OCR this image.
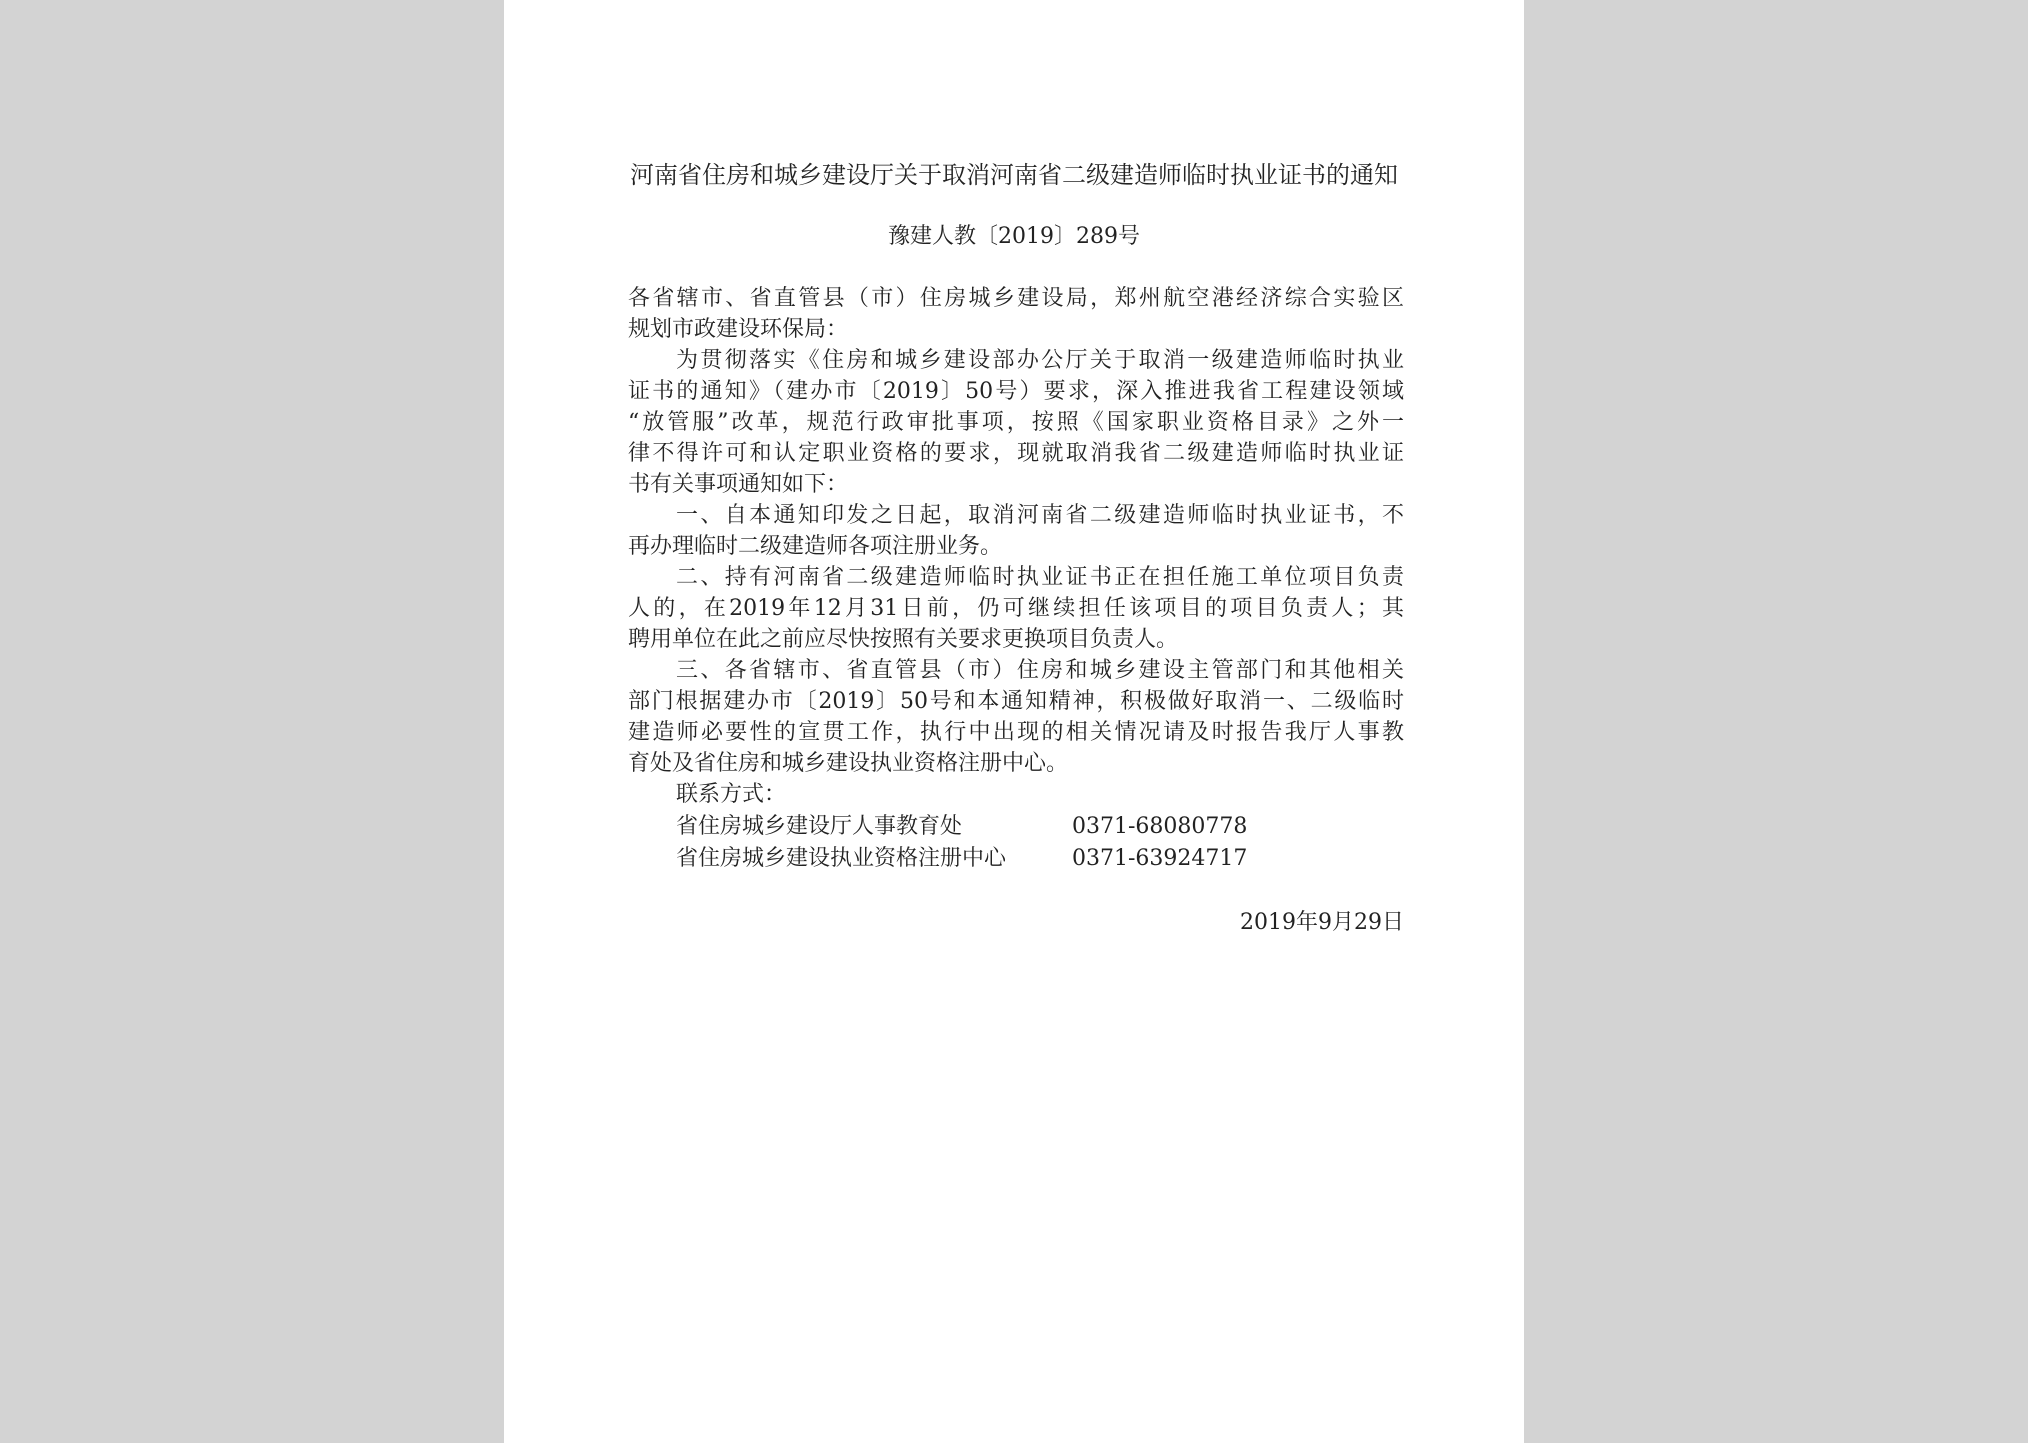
河南省住房和城乡建设厅关于取消河南省二级建造师临时执业证书的通知
豫建人教〔2019〕289号
各省辖市、省直管县（市）住房城乡建设局，郑州航空港经济综合实验区
规划市政建设环保局：
为贯彻落实《住房和城乡建设部办公厅关于取消一级建造师临时执业
证书的通知》（建办市〔2019〕50号）要求，深入推进我省工程建设领域
“放管服”改革，规范行政审批事项，按照《国家职业资格目录》之外一
律不得许可和认定职业资格的要求，现就取消我省二级建造师临时执业证
书有关事项通知如下：
一、自本通知印发之日起，取消河南省二级建造师临时执业证书，不
再办理临时二级建造师各项注册业务。
二、持有河南省二级建造师临时执业证书正在担任施工单位项目负责
人的，在2019年12月31日前，仍可继续担任该项目的项目负责人；其
聘用单位在此之前应尽快按照有关要求更换项目负责人。
三、各省辖市、省直管县（市）住房和城乡建设主管部门和其他相关
部门根据建办市〔2019〕50号和本通知精神，积极做好取消一、二级临时
建造师必要性的宣贯工作，执行中出现的相关情况请及时报告我厅人事教
育处及省住房和城乡建设执业资格注册中心。
联系方式：
省住房城乡建设厅人事教育处	0371-68080778
省住房城乡建设执业资格注册中心	0371-63924717
2019年9月29日
